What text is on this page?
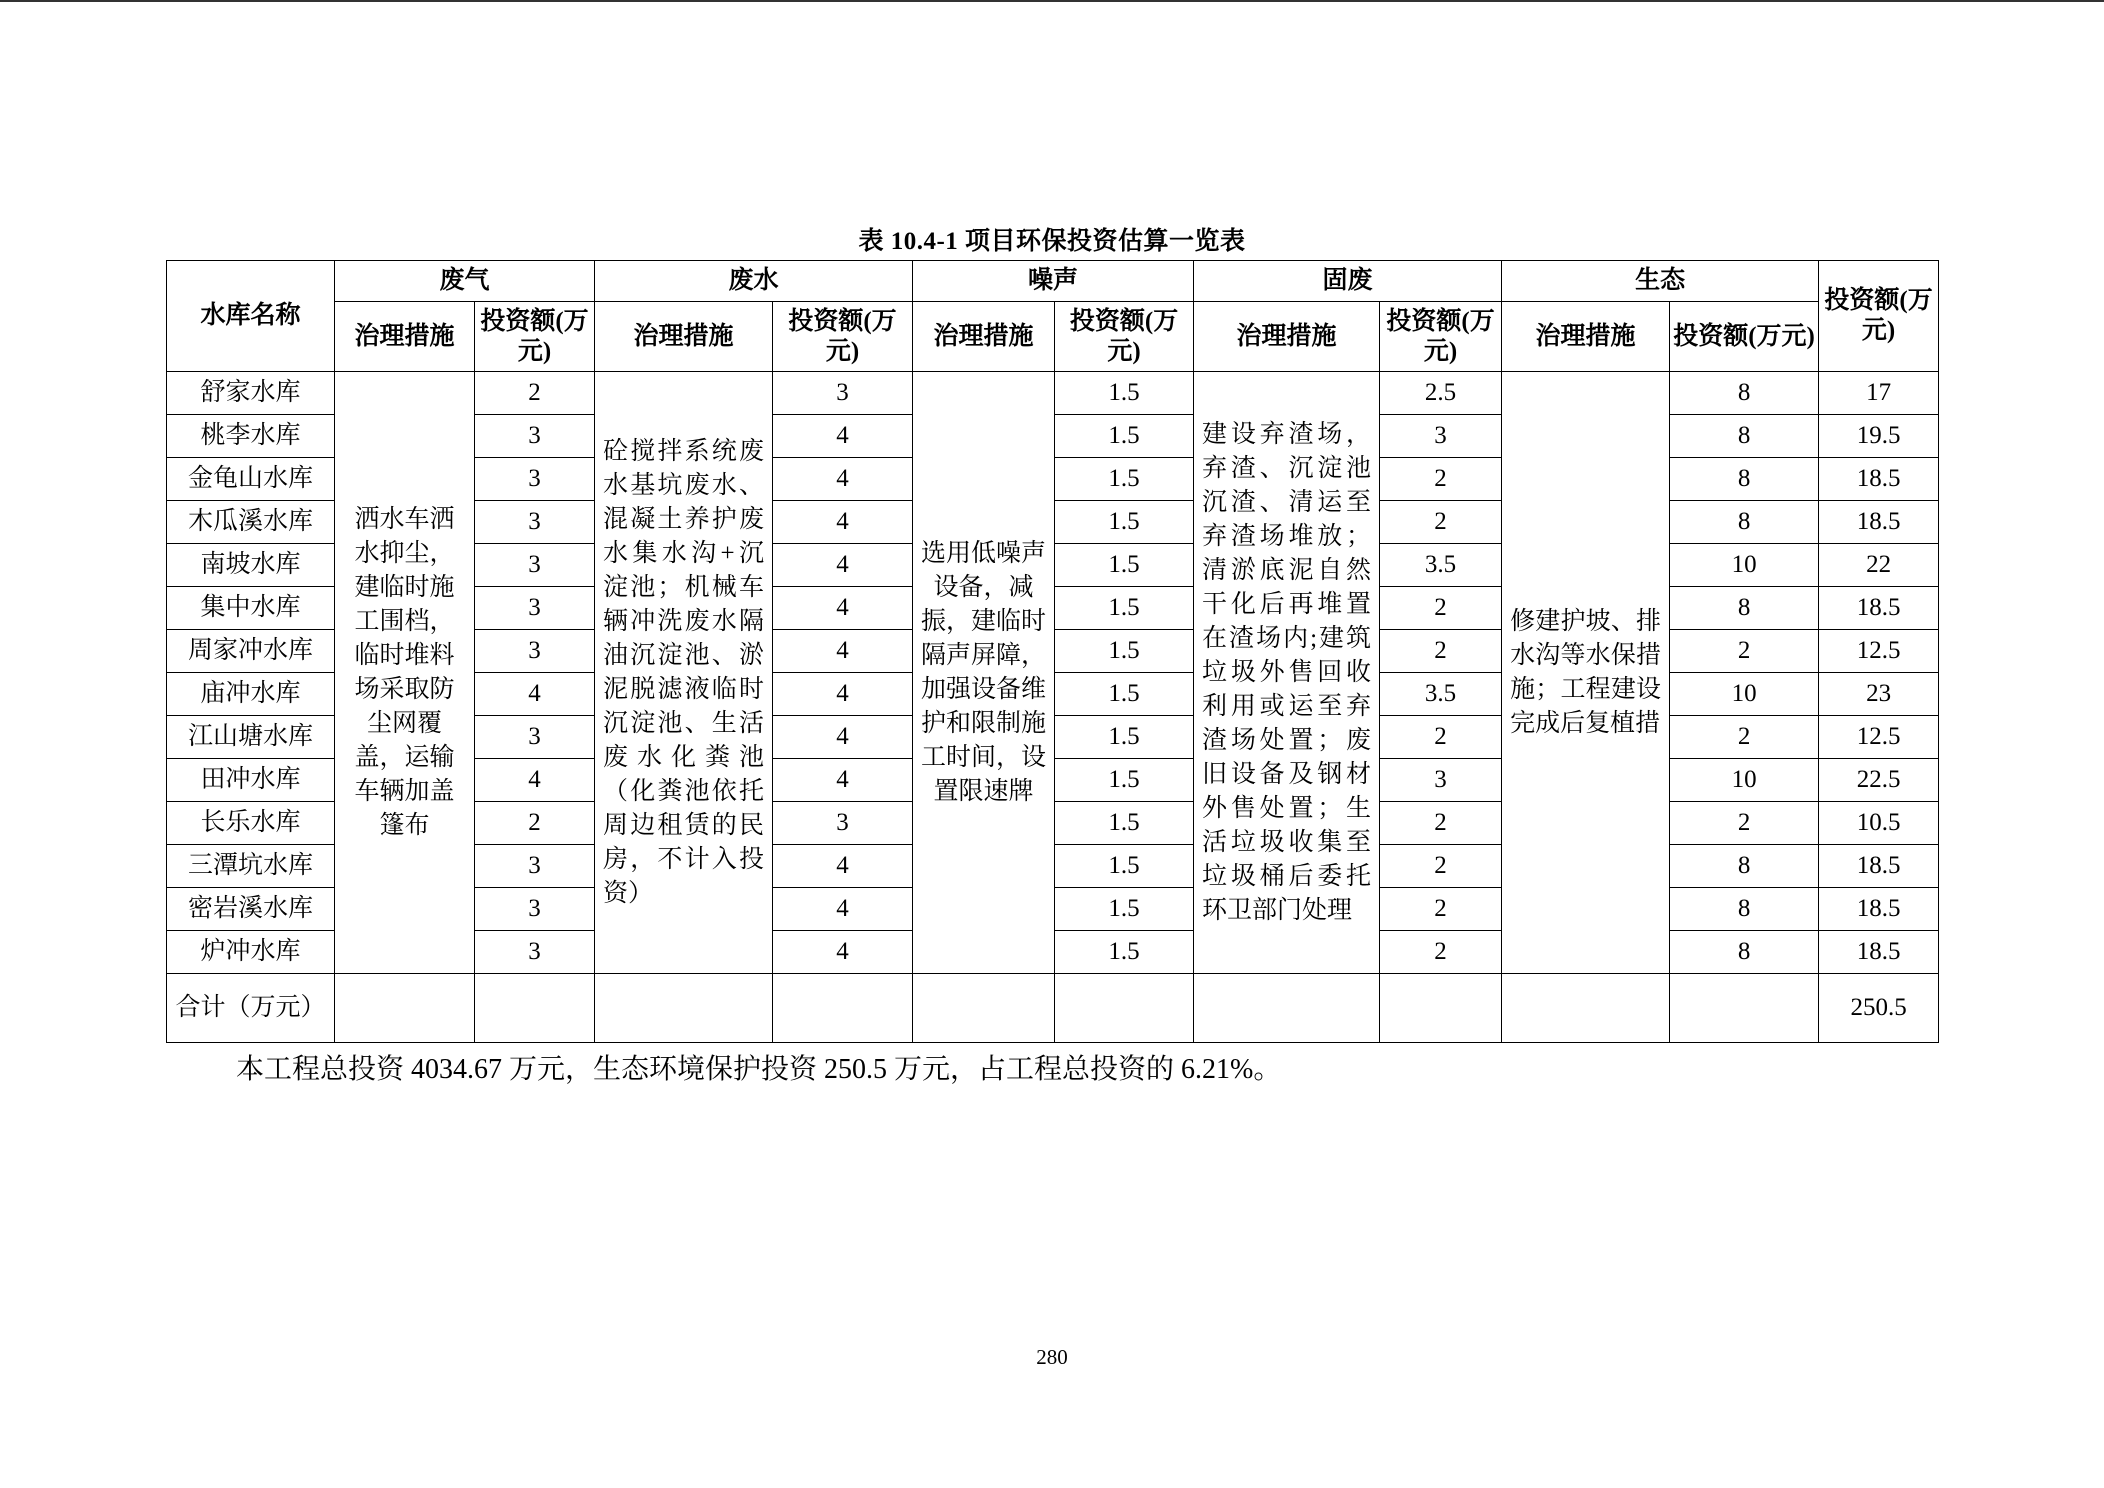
表 10.4-1 项目环保投资估算一览表
水库名称	废气		废水		噪声		固废		生态		投资额(万元)
	治理措施	投资额(万元)	治理措施	投资额(万元)	治理措施	投资额(万元)	治理措施	投资额(万元)	治理措施	投资额(万元)	
舒家水库	洒水车洒水抑尘，建临时施工围档，临时堆料场采取防尘网覆盖，运输车辆加盖篷布	2	砼搅拌系统废水基坑废水、混凝土养护废水集水沟+沉淀池；机械车辆冲洗废水隔油沉淀池、淤泥脱滤液临时沉淀池、生活废水化粪池（化粪池依托周边租赁的民房，不计入投资）	3	选用低噪声设备，减振，建临时隔声屏障，加强设备维护和限制施工时间，设置限速牌	1.5	建设弃渣场，弃渣、沉淀池沉渣、清运至弃渣场堆放；清淤底泥自然干化后再堆置在渣场内;建筑垃圾外售回收利用或运至弃渣场处置；废旧设备及钢材外售处置；生活垃圾收集至垃圾桶后委托环卫部门处理	2.5	修建护坡、排水沟等水保措施；工程建设完成后复植措	8	17
桃李水库		3		4		1.5		3		8	19.5
金龟山水库		3		4		1.5		2		8	18.5
木瓜溪水库		3		4		1.5		2		8	18.5
南坡水库		3		4		1.5		3.5		10	22
集中水库		3		4		1.5		2		8	18.5
周家冲水库		3		4		1.5		2		2	12.5
庙冲水库		4		4		1.5		3.5		10	23
江山塘水库		3		4		1.5		2		2	12.5
田冲水库		4		4		1.5		3		10	22.5
长乐水库		2		3		1.5		2		2	10.5
三潭坑水库		3		4		1.5		2		8	18.5
密岩溪水库		3		4		1.5		2		8	18.5
炉冲水库		3		4		1.5		2		8	18.5
合计（万元）											250.5
本工程总投资 4034.67 万元，生态环境保护投资 250.5 万元，占工程总投资的 6.21%。
280
